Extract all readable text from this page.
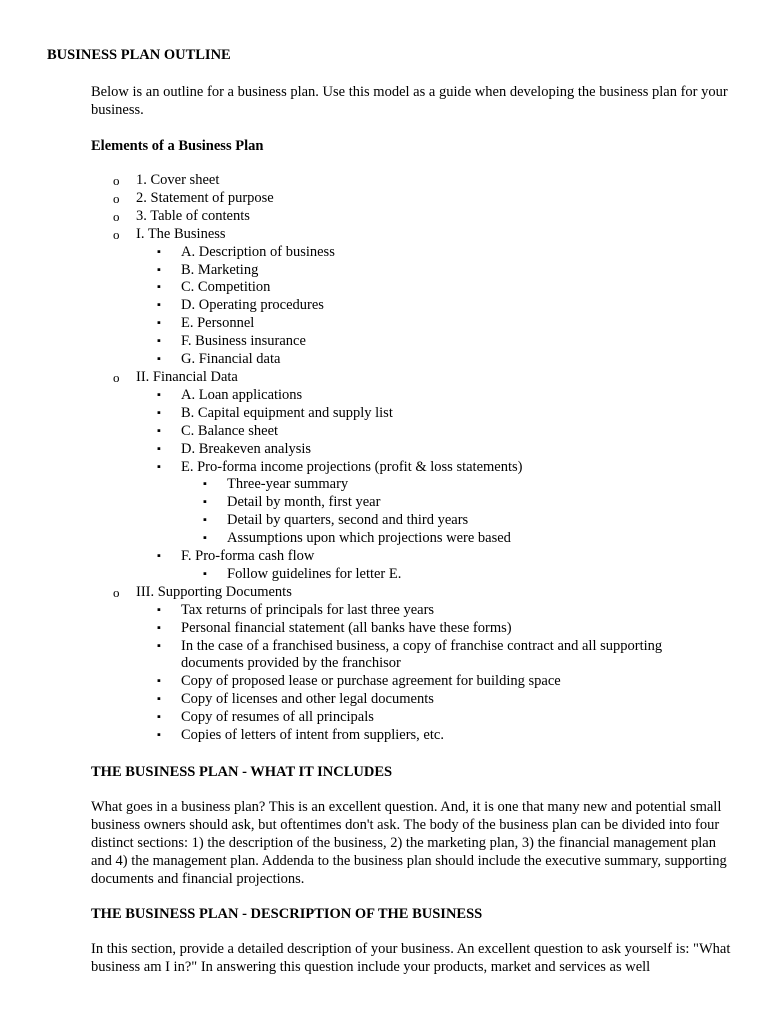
BUSINESS PLAN OUTLINE
Below is an outline for a business plan. Use this model as a guide when developing the business plan for your business.
Elements of a Business Plan
o 1. Cover sheet
o 2. Statement of purpose
o 3. Table of contents
o I. The Business
▪ A. Description of business
▪ B. Marketing
▪ C. Competition
▪ D. Operating procedures
▪ E. Personnel
▪ F. Business insurance
▪ G. Financial data
o II. Financial Data
▪ A. Loan applications
▪ B. Capital equipment and supply list
▪ C. Balance sheet
▪ D. Breakeven analysis
▪ E. Pro-forma income projections (profit & loss statements)
▪ Three-year summary
▪ Detail by month, first year
▪ Detail by quarters, second and third years
▪ Assumptions upon which projections were based
▪ F. Pro-forma cash flow
▪ Follow guidelines for letter E.
o III. Supporting Documents
▪ Tax returns of principals for last three years
▪ Personal financial statement (all banks have these forms)
▪ In the case of a franchised business, a copy of franchise contract and all supporting documents provided by the franchisor
▪ Copy of proposed lease or purchase agreement for building space
▪ Copy of licenses and other legal documents
▪ Copy of resumes of all principals
▪ Copies of letters of intent from suppliers, etc.
THE BUSINESS PLAN - WHAT IT INCLUDES
What goes in a business plan? This is an excellent question. And, it is one that many new and potential small business owners should ask, but oftentimes don't ask. The body of the business plan can be divided into four distinct sections: 1) the description of the business, 2) the marketing plan, 3) the financial management plan and 4) the management plan. Addenda to the business plan should include the executive summary, supporting documents and financial projections.
THE BUSINESS PLAN - DESCRIPTION OF THE BUSINESS
In this section, provide a detailed description of your business. An excellent question to ask yourself is: "What business am I in?" In answering this question include your products, market and services as well
